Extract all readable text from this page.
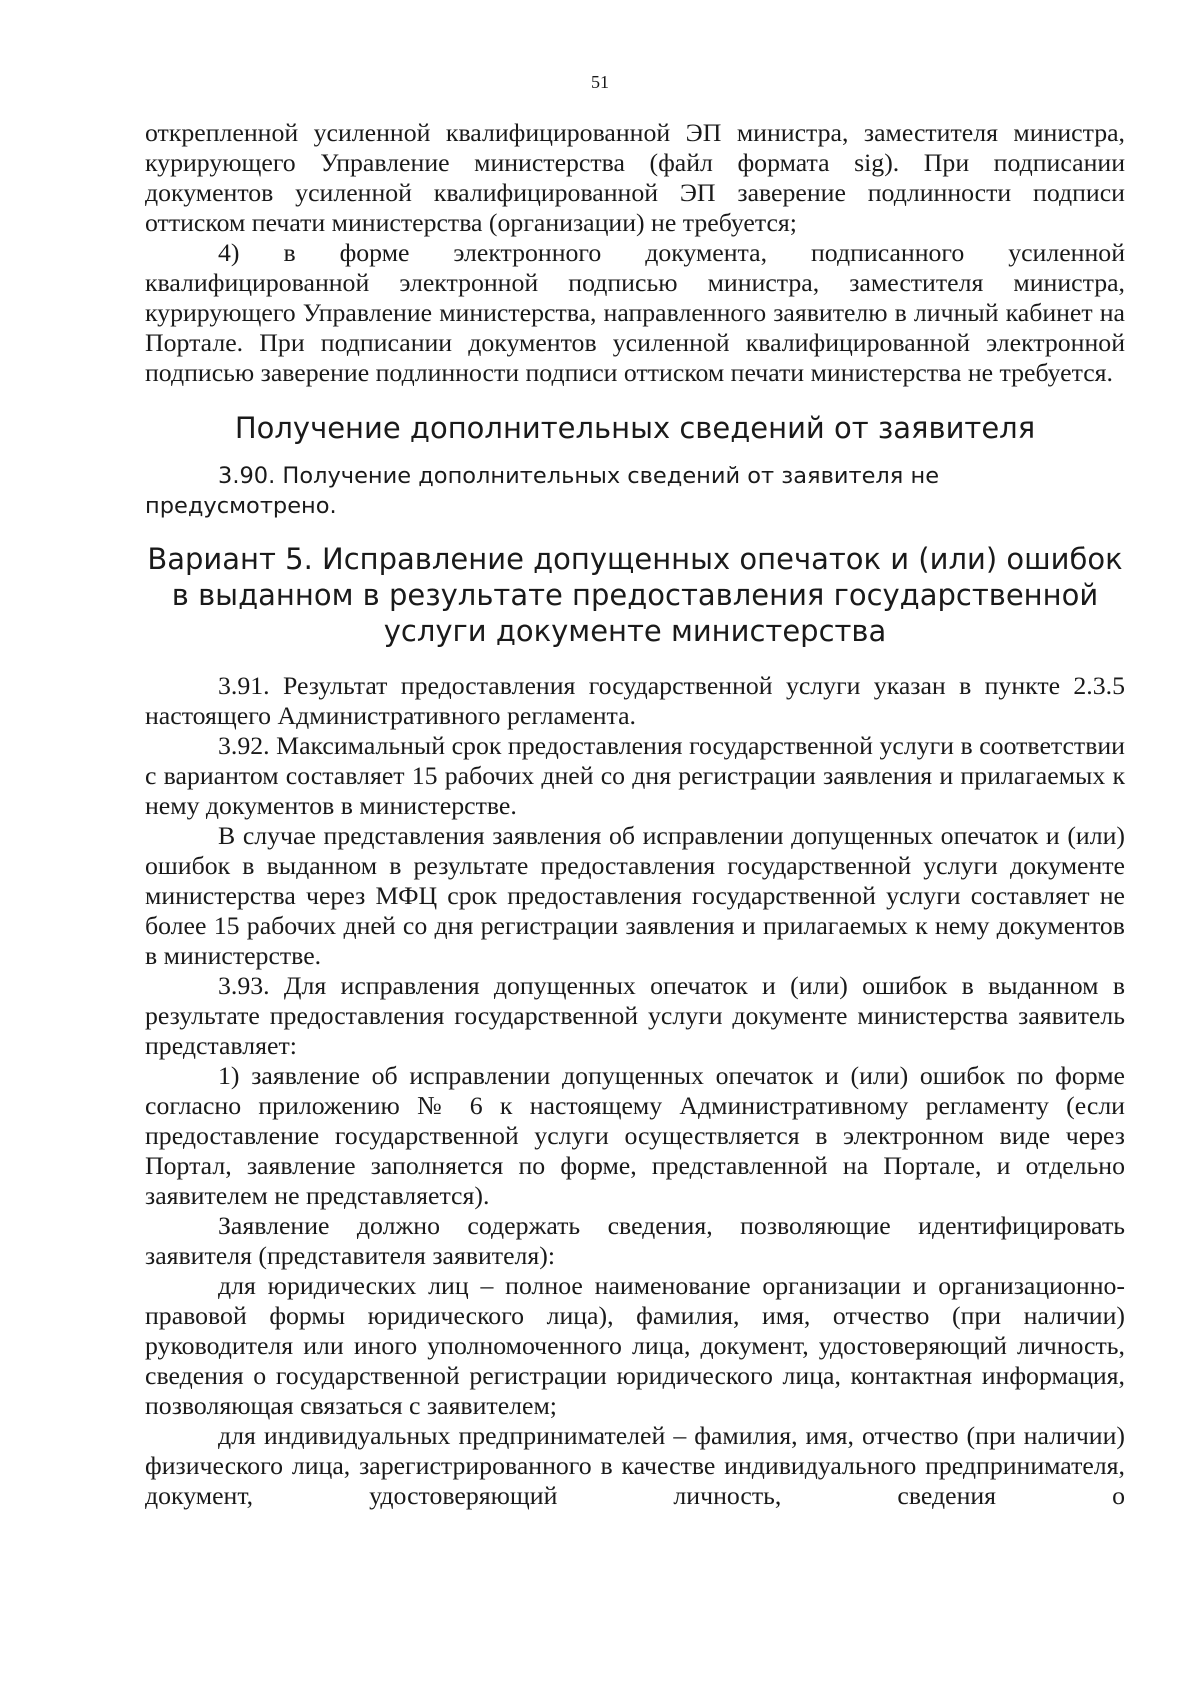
51

открепленной усиленной квалифицированной ЭП министра, заместителя министра, курирующего Управление министерства (файл формата sig). При подписании документов усиленной квалифицированной ЭП заверение подлинности подписи оттиском печати министерства (организации) не требуется;

4) в форме электронного документа, подписанного усиленной квалифицированной электронной подписью министра, заместителя министра, курирующего Управление министерства, направленного заявителю в личный кабинет на Портале. При подписании документов усиленной квалифицированной электронной подписью заверение подлинности подписи оттиском печати министерства не требуется.

Получение дополнительных сведений от заявителя

3.90. Получение дополнительных сведений от заявителя не предусмотрено.

Вариант 5. Исправление допущенных опечаток и (или) ошибок в выданном в результате предоставления государственной услуги документе министерства

3.91. Результат предоставления государственной услуги указан в пункте 2.3.5 настоящего Административного регламента.

3.92. Максимальный срок предоставления государственной услуги в соответствии с вариантом составляет 15 рабочих дней со дня регистрации заявления и прилагаемых к нему документов в министерстве.

В случае представления заявления об исправлении допущенных опечаток и (или) ошибок в выданном в результате предоставления государственной услуги документе министерства через МФЦ срок предоставления государственной услуги составляет не более 15 рабочих дней со дня регистрации заявления и прилагаемых к нему документов в министерстве.

3.93. Для исправления допущенных опечаток и (или) ошибок в выданном в результате предоставления государственной услуги документе министерства заявитель представляет:

1) заявление об исправлении допущенных опечаток и (или) ошибок по форме согласно приложению № 6 к настоящему Административному регламенту (если предоставление государственной услуги осуществляется в электронном виде через Портал, заявление заполняется по форме, представленной на Портале, и отдельно заявителем не представляется).

Заявление должно содержать сведения, позволяющие идентифицировать заявителя (представителя заявителя):

для юридических лиц – полное наименование организации и организационно-правовой формы юридического лица), фамилия, имя, отчество (при наличии) руководителя или иного уполномоченного лица, документ, удостоверяющий личность, сведения о государственной регистрации юридического лица, контактная информация, позволяющая связаться с заявителем;

для индивидуальных предпринимателей – фамилия, имя, отчество (при наличии) физического лица, зарегистрированного в качестве индивидуального предпринимателя, документ, удостоверяющий личность, сведения о
